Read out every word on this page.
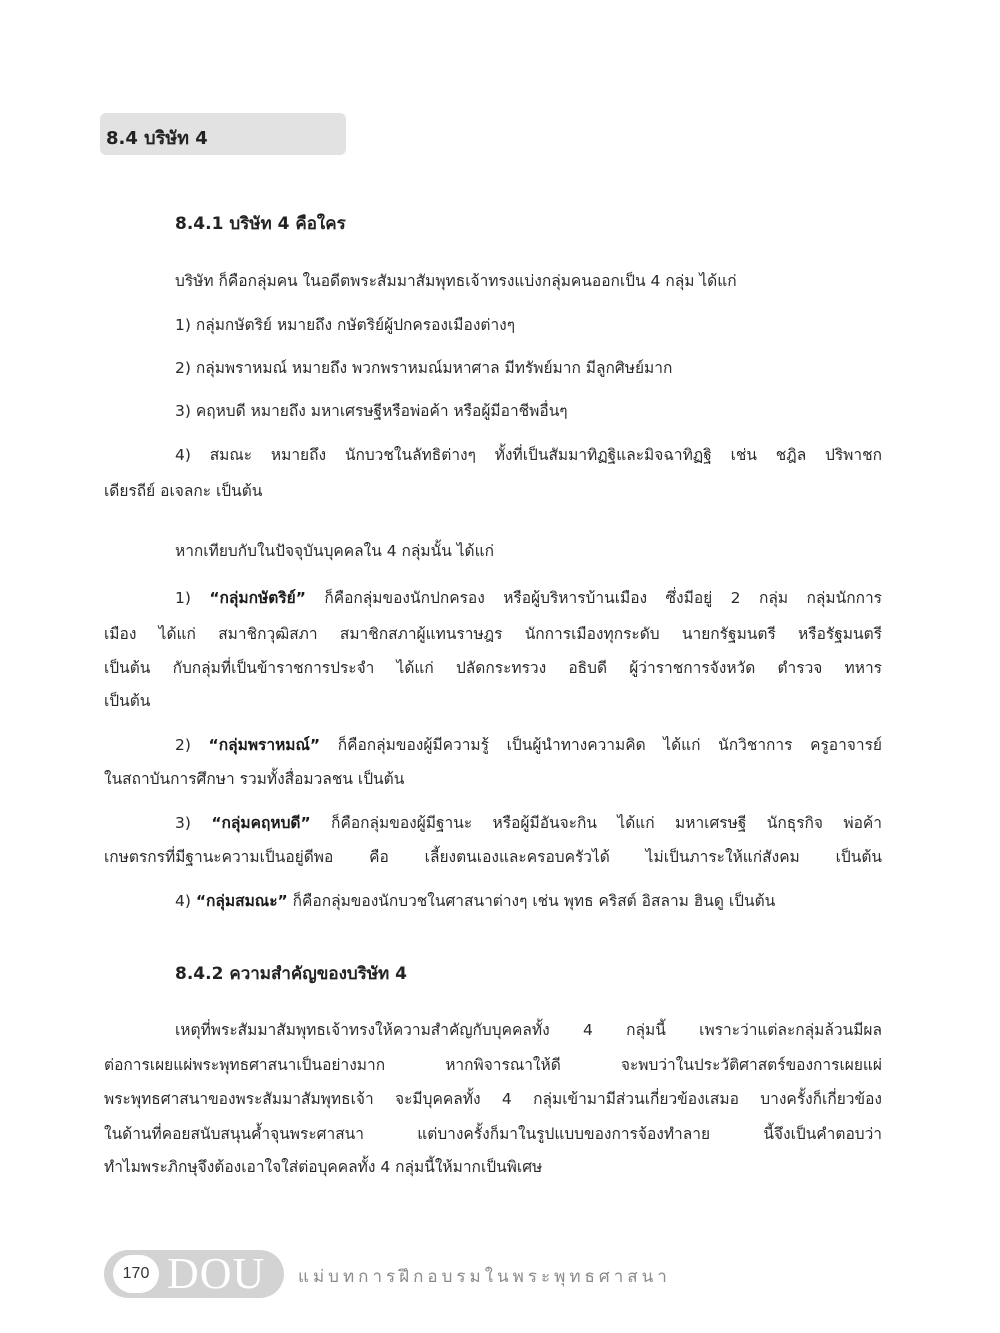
8.4 บริษัท 4
8.4.1 บริษัท 4 คือใคร
บริษัท ก็คือกลุ่มคน ในอดีตพระสัมมาสัมพุทธเจ้าทรงแบ่งกลุ่มคนออกเป็น 4 กลุ่ม ได้แก่
1) กลุ่มกษัตริย์ หมายถึง กษัตริย์ผู้ปกครองเมืองต่างๆ
2) กลุ่มพราหมณ์ หมายถึง พวกพราหมณ์มหาศาล มีทรัพย์มาก มีลูกศิษย์มาก
3) คฤหบดี หมายถึง มหาเศรษฐีหรือพ่อค้า หรือผู้มีอาชีพอื่นๆ
4) สมณะ หมายถึง นักบวชในลัทธิต่างๆ ทั้งที่เป็นสัมมาทิฏฐิและมิจฉาทิฏฐิ เช่น ชฎิล ปริพาชก
เดียรถีย์ อเจลกะ เป็นต้น
หากเทียบกับในปัจจุบันบุคคลใน 4 กลุ่มนั้น ได้แก่
1) “กลุ่มกษัตริย์” ก็คือกลุ่มของนักปกครอง หรือผู้บริหารบ้านเมือง ซึ่งมีอยู่ 2 กลุ่ม กลุ่มนักการ
เมือง ได้แก่ สมาชิกวุฒิสภา สมาชิกสภาผู้แทนราษฎร นักการเมืองทุกระดับ นายกรัฐมนตรี หรือรัฐมนตรี
เป็นต้น กับกลุ่มที่เป็นข้าราชการประจำ ได้แก่ ปลัดกระทรวง อธิบดี ผู้ว่าราชการจังหวัด ตำรวจ ทหาร
เป็นต้น
2) “กลุ่มพราหมณ์” ก็คือกลุ่มของผู้มีความรู้ เป็นผู้นำทางความคิด ได้แก่ นักวิชาการ ครูอาจารย์
ในสถาบันการศึกษา รวมทั้งสื่อมวลชน เป็นต้น
3) “กลุ่มคฤหบดี” ก็คือกลุ่มของผู้มีฐานะ หรือผู้มีอันจะกิน ได้แก่ มหาเศรษฐี นักธุรกิจ พ่อค้า
เกษตรกรที่มีฐานะความเป็นอยู่ดีพอ คือ เลี้ยงตนเองและครอบครัวได้ ไม่เป็นภาระให้แก่สังคม เป็นต้น
4) “กลุ่มสมณะ” ก็คือกลุ่มของนักบวชในศาสนาต่างๆ เช่น พุทธ คริสต์ อิสลาม ฮินดู เป็นต้น
8.4.2 ความสำคัญของบริษัท 4
เหตุที่พระสัมมาสัมพุทธเจ้าทรงให้ความสำคัญกับบุคคลทั้ง 4 กลุ่มนี้ เพราะว่าแต่ละกลุ่มล้วนมีผล
ต่อการเผยแผ่พระพุทธศาสนาเป็นอย่างมาก หากพิจารณาให้ดี จะพบว่าในประวัติศาสตร์ของการเผยแผ่
พระพุทธศาสนาของพระสัมมาสัมพุทธเจ้า จะมีบุคคลทั้ง 4 กลุ่มเข้ามามีส่วนเกี่ยวข้องเสมอ บางครั้งก็เกี่ยวข้อง
ในด้านที่คอยสนับสนุนค้ำจุนพระศาสนา แต่บางครั้งก็มาในรูปแบบของการจ้องทำลาย นี้จึงเป็นคำตอบว่า
ทำไมพระภิกษุจึงต้องเอาใจใส่ต่อบุคคลทั้ง 4 กลุ่มนี้ให้มากเป็นพิเศษ
170 DOU แม่บทการฝึกอบรมในพระพุทธศาสนา
